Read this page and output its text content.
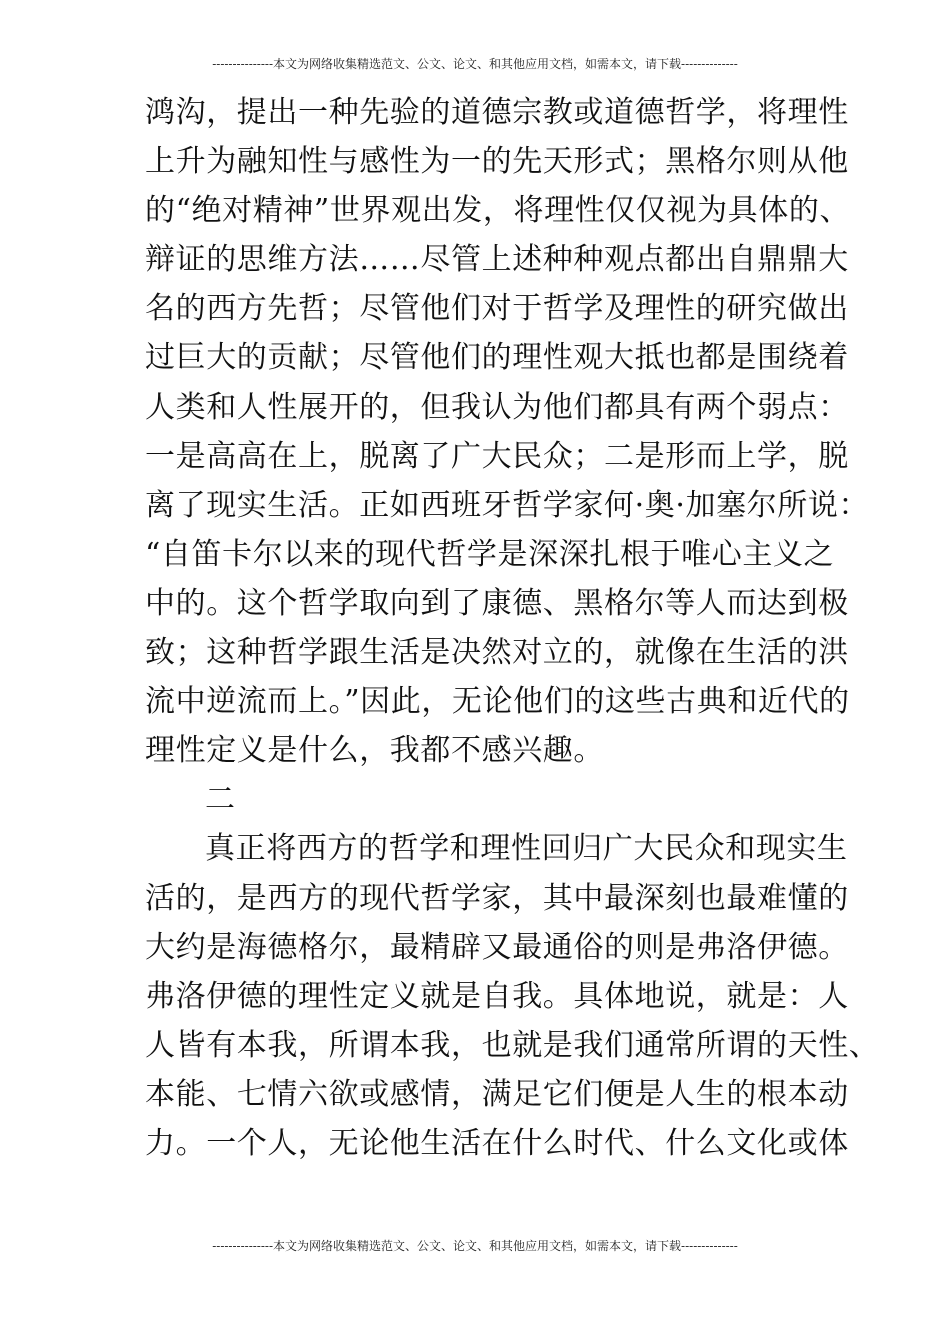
---------------本文为网络收集精选范文、公文、论文、和其他应用文档，如需本文，请下载--------------
鸿沟，提出一种先验的道德宗教或道德哲学，将理性
上升为融知性与感性为一的先天形式；黑格尔则从他
的“绝对精神”世界观出发，将理性仅仅视为具体的、
辩证的思维方法……尽管上述种种观点都出自鼎鼎大
名的西方先哲；尽管他们对于哲学及理性的研究做出
过巨大的贡献；尽管他们的理性观大抵也都是围绕着
人类和人性展开的，但我认为他们都具有两个弱点：
一是高高在上，脱离了广大民众；二是形而上学，脱
离了现实生活。正如西班牙哲学家何·奥·加塞尔所说：
“自笛卡尔以来的现代哲学是深深扎根于唯心主义之
中的。这个哲学取向到了康德、黑格尔等人而达到极
致；这种哲学跟生活是决然对立的，就像在生活的洪
流中逆流而上。”因此，无论他们的这些古典和近代的
理性定义是什么，我都不感兴趣。
二
真正将西方的哲学和理性回归广大民众和现实生
活的，是西方的现代哲学家，其中最深刻也最难懂的
大约是海德格尔，最精辟又最通俗的则是弗洛伊德。
弗洛伊德的理性定义就是自我。具体地说，就是：人
人皆有本我，所谓本我，也就是我们通常所谓的天性、
本能、七情六欲或感情，满足它们便是人生的根本动
力。一个人，无论他生活在什么时代、什么文化或体
---------------本文为网络收集精选范文、公文、论文、和其他应用文档，如需本文，请下载--------------
